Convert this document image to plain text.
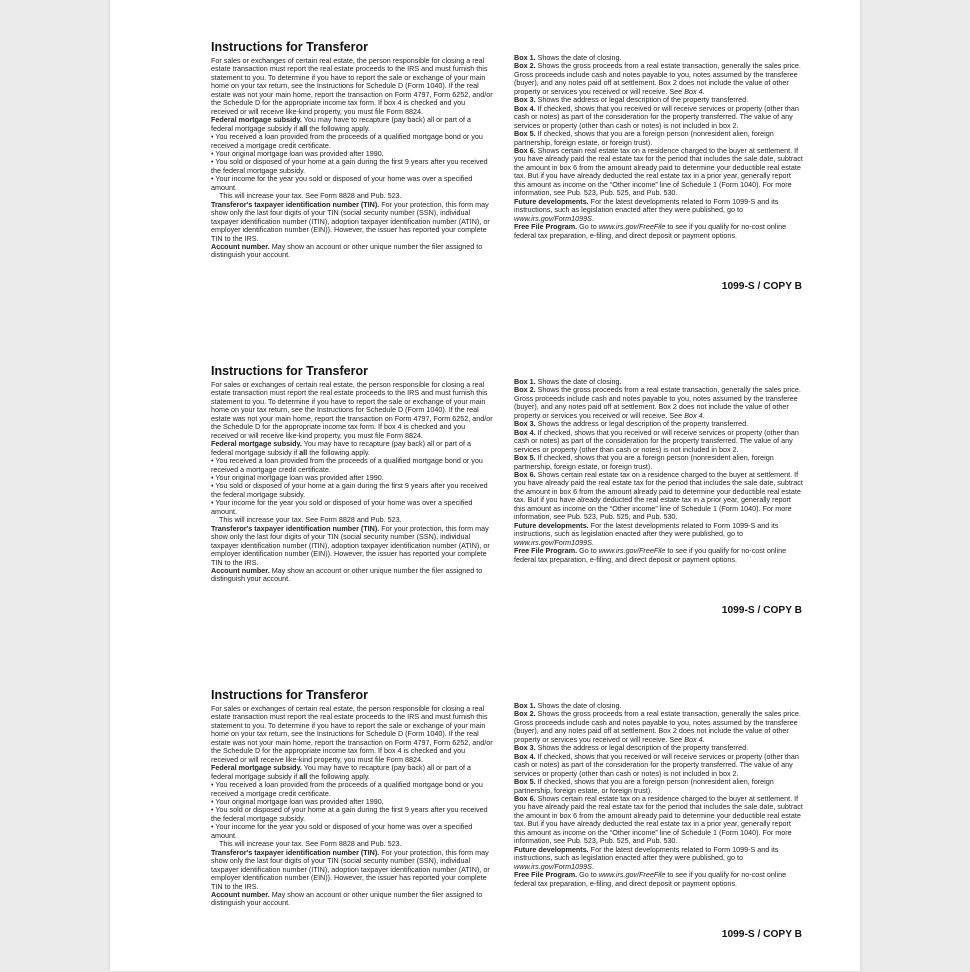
Instructions for Transferor

For sales or exchanges of certain real estate, the person responsible for closing a real estate transaction must report the real estate proceeds to the IRS and must furnish this statement to you. To determine if you have to report the sale or exchange of your main home on your tax return, see the Instructions for Schedule D (Form 1040). If the real estate was not your main home, report the transaction on Form 4797, Form 6252, and/or the Schedule D for the appropriate income tax form. If box 4 is checked and you received or will receive like-kind property, you must file Form 8824.

Federal mortgage subsidy. You may have to recapture (pay back) all or part of a federal mortgage subsidy if all the following apply.

• You received a loan provided from the proceeds of a qualified mortgage bond or you received a mortgage credit certificate.

• Your original mortgage loan was provided after 1990.

• You sold or disposed of your home at a gain during the first 9 years after you received the federal mortgage subsidy.

• Your income for the year you sold or disposed of your home was over a specified amount.

This will increase your tax. See Form 8828 and Pub. 523.

Transferor's taxpayer identification number (TIN). For your protection, this form may show only the last four digits of your TIN (social security number (SSN), individual taxpayer identification number (ITIN), adoption taxpayer identification number (ATIN), or employer identification number (EIN)). However, the issuer has reported your complete TIN to the IRS.

Account number. May show an account or other unique number the filer assigned to distinguish your account.

Box 1. Shows the date of closing.

Box 2. Shows the gross proceeds from a real estate transaction, generally the sales price. Gross proceeds include cash and notes payable to you, notes assumed by the transferee (buyer), and any notes paid off at settlement. Box 2 does not include the value of other property or services you received or will receive. See Box 4.

Box 3. Shows the address or legal description of the property transferred.

Box 4. If checked, shows that you received or will receive services or property (other than cash or notes) as part of the consideration for the property transferred. The value of any services or property (other than cash or notes) is not included in box 2.

Box 5. If checked, shows that you are a foreign person (nonresident alien, foreign partnership, foreign estate, or foreign trust).

Box 6. Shows certain real estate tax on a residence charged to the buyer at settlement. If you have already paid the real estate tax for the period that includes the sale date, subtract the amount in box 6 from the amount already paid to determine your deductible real estate tax. But if you have already deducted the real estate tax in a prior year, generally report this amount as income on the “Other income” line of Schedule 1 (Form 1040). For more information, see Pub. 523, Pub. 525, and Pub. 530.

Future developments. For the latest developments related to Form 1099-S and its instructions, such as legislation enacted after they were published, go to www.irs.gov/Form1099S.

Free File Program. Go to www.irs.gov/FreeFile to see if you qualify for no-cost online federal tax preparation, e-filing, and direct deposit or payment options.

1099-S / COPY B
Instructions for Transferor

For sales or exchanges of certain real estate, the person responsible for closing a real estate transaction must report the real estate proceeds to the IRS and must furnish this statement to you. To determine if you have to report the sale or exchange of your main home on your tax return, see the Instructions for Schedule D (Form 1040). If the real estate was not your main home, report the transaction on Form 4797, Form 6252, and/or the Schedule D for the appropriate income tax form. If box 4 is checked and you received or will receive like-kind property, you must file Form 8824.

Federal mortgage subsidy. You may have to recapture (pay back) all or part of a federal mortgage subsidy if all the following apply.

• You received a loan provided from the proceeds of a qualified mortgage bond or you received a mortgage credit certificate.

• Your original mortgage loan was provided after 1990.

• You sold or disposed of your home at a gain during the first 9 years after you received the federal mortgage subsidy.

• Your income for the year you sold or disposed of your home was over a specified amount.

This will increase your tax. See Form 8828 and Pub. 523.

Transferor's taxpayer identification number (TIN). For your protection, this form may show only the last four digits of your TIN (social security number (SSN), individual taxpayer identification number (ITIN), adoption taxpayer identification number (ATIN), or employer identification number (EIN)). However, the issuer has reported your complete TIN to the IRS.

Account number. May show an account or other unique number the filer assigned to distinguish your account.

Box 1. Shows the date of closing.

Box 2. Shows the gross proceeds from a real estate transaction, generally the sales price. Gross proceeds include cash and notes payable to you, notes assumed by the transferee (buyer), and any notes paid off at settlement. Box 2 does not include the value of other property or services you received or will receive. See Box 4.

Box 3. Shows the address or legal description of the property transferred.

Box 4. If checked, shows that you received or will receive services or property (other than cash or notes) as part of the consideration for the property transferred. The value of any services or property (other than cash or notes) is not included in box 2.

Box 5. If checked, shows that you are a foreign person (nonresident alien, foreign partnership, foreign estate, or foreign trust).

Box 6. Shows certain real estate tax on a residence charged to the buyer at settlement. If you have already paid the real estate tax for the period that includes the sale date, subtract the amount in box 6 from the amount already paid to determine your deductible real estate tax. But if you have already deducted the real estate tax in a prior year, generally report this amount as income on the “Other income” line of Schedule 1 (Form 1040). For more information, see Pub. 523, Pub. 525, and Pub. 530.

Future developments. For the latest developments related to Form 1099-S and its instructions, such as legislation enacted after they were published, go to www.irs.gov/Form1099S.

Free File Program. Go to www.irs.gov/FreeFile to see if you qualify for no-cost online federal tax preparation, e-filing, and direct deposit or payment options.

1099-S / COPY B
Instructions for Transferor

For sales or exchanges of certain real estate, the person responsible for closing a real estate transaction must report the real estate proceeds to the IRS and must furnish this statement to you. To determine if you have to report the sale or exchange of your main home on your tax return, see the Instructions for Schedule D (Form 1040). If the real estate was not your main home, report the transaction on Form 4797, Form 6252, and/or the Schedule D for the appropriate income tax form. If box 4 is checked and you received or will receive like-kind property, you must file Form 8824.

Federal mortgage subsidy. You may have to recapture (pay back) all or part of a federal mortgage subsidy if all the following apply.

• You received a loan provided from the proceeds of a qualified mortgage bond or you received a mortgage credit certificate.

• Your original mortgage loan was provided after 1990.

• You sold or disposed of your home at a gain during the first 9 years after you received the federal mortgage subsidy.

• Your income for the year you sold or disposed of your home was over a specified amount.

This will increase your tax. See Form 8828 and Pub. 523.

Transferor's taxpayer identification number (TIN). For your protection, this form may show only the last four digits of your TIN (social security number (SSN), individual taxpayer identification number (ITIN), adoption taxpayer identification number (ATIN), or employer identification number (EIN)). However, the issuer has reported your complete TIN to the IRS.

Account number. May show an account or other unique number the filer assigned to distinguish your account.

Box 1. Shows the date of closing.

Box 2. Shows the gross proceeds from a real estate transaction, generally the sales price. Gross proceeds include cash and notes payable to you, notes assumed by the transferee (buyer), and any notes paid off at settlement. Box 2 does not include the value of other property or services you received or will receive. See Box 4.

Box 3. Shows the address or legal description of the property transferred.

Box 4. If checked, shows that you received or will receive services or property (other than cash or notes) as part of the consideration for the property transferred. The value of any services or property (other than cash or notes) is not included in box 2.

Box 5. If checked, shows that you are a foreign person (nonresident alien, foreign partnership, foreign estate, or foreign trust).

Box 6. Shows certain real estate tax on a residence charged to the buyer at settlement. If you have already paid the real estate tax for the period that includes the sale date, subtract the amount in box 6 from the amount already paid to determine your deductible real estate tax. But if you have already deducted the real estate tax in a prior year, generally report this amount as income on the “Other income” line of Schedule 1 (Form 1040). For more information, see Pub. 523, Pub. 525, and Pub. 530.

Future developments. For the latest developments related to Form 1099-S and its instructions, such as legislation enacted after they were published, go to www.irs.gov/Form1099S.

Free File Program. Go to www.irs.gov/FreeFile to see if you qualify for no-cost online federal tax preparation, e-filing, and direct deposit or payment options.

1099-S / COPY B
